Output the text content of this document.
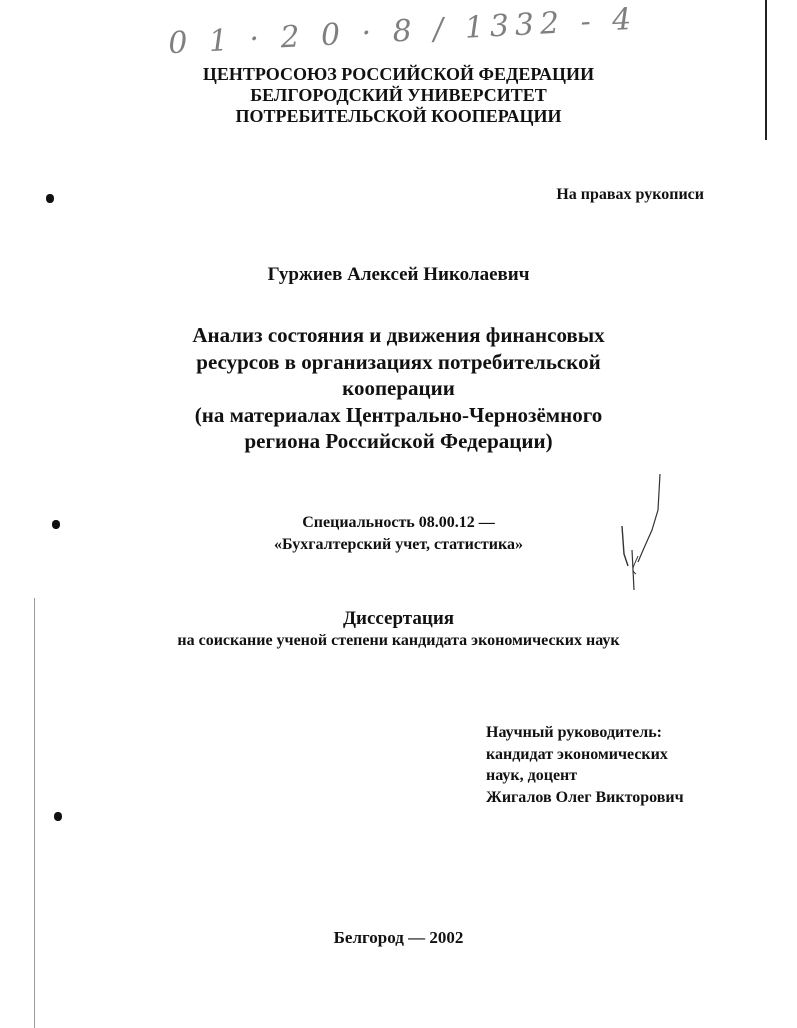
0 1 · 2 0 · 8 / 1332 - 4
ЦЕНТРОСОЮЗ РОССИЙСКОЙ ФЕДЕРАЦИИ
БЕЛГОРОДСКИЙ УНИВЕРСИТЕТ
ПОТРЕБИТЕЛЬСКОЙ КООПЕРАЦИИ
На правах рукописи
Гуржиев Алексей Николаевич
Анализ состояния и движения финансовых
ресурсов в организациях потребительской
кооперации
(на материалах Центрально-Чернозёмного
региона Российской Федерации)
Специальность 08.00.12 —
«Бухгалтерский учет, статистика»
Диссертация
на соискание ученой степени кандидата экономических наук
Научный руководитель:
кандидат экономических
наук, доцент
Жигалов Олег Викторович
Белгород — 2002
